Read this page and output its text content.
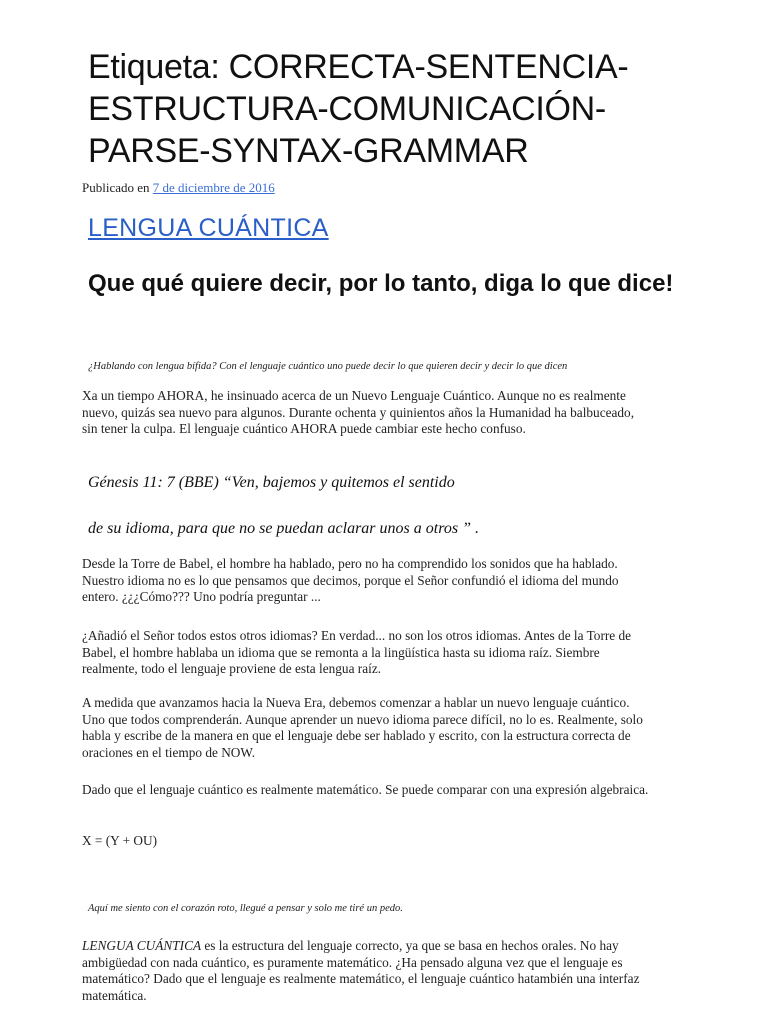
Etiqueta: CORRECTA-SENTENCIA-ESTRUCTURA-COMUNICACIÓN-PARSE-SYNTAX-GRAMMAR
Publicado en 7 de diciembre de 2016
LENGUA CUÁNTICA
Que qué quiere decir, por lo tanto, diga lo que dice!
¿Hablando con lengua bífida? Con el lenguaje cuántico uno puede decir lo que quieren decir y decir lo que dicen

Xa un tiempo AHORA, he insinuado acerca de un Nuevo Lenguaje Cuántico. Aunque no es realmente nuevo, quizás sea nuevo para algunos. Durante ochenta y quinientos años la Humanidad ha balbuceado, sin tener la culpa. El lenguaje cuántico AHORA puede cambiar este hecho confuso.

Génesis 11: 7 (BBE) “Ven, bajemos y quitemos el sentido

de su idioma, para que no se puedan aclarar unos a otros ” .

Desde la Torre de Babel, el hombre ha hablado, pero no ha comprendido los sonidos que ha hablado. Nuestro idioma no es lo que pensamos que decimos, porque el Señor confundió el idioma del mundo entero. ¿¿¿Cómo??? Uno podría preguntar ...

¿Añadió el Señor todos estos otros idiomas? En verdad... no son los otros idiomas. Antes de la Torre de Babel, el hombre hablaba un idioma que se remonta a la lingüística hasta su idioma raíz. Siembre realmente, todo el lenguaje proviene de esta lengua raíz.

A medida que avanzamos hacia la Nueva Era, debemos comenzar a hablar un nuevo lenguaje cuántico. Uno que todos comprenderán. Aunque aprender un nuevo idioma parece difícil, no lo es. Realmente, solo habla y escribe de la manera en que el lenguaje debe ser hablado y escrito, con la estructura correcta de oraciones en el tiempo de NOW.

Dado que el lenguaje cuántico es realmente matemático. Se puede comparar con una expresión algebraica.

X = (Y + OU)

Aquí me siento con el corazón roto, llegué a pensar y solo me tiré un pedo.

LENGUA CUÁNTICA es la estructura del lenguaje correcto, ya que se basa en hechos orales. No hay ambigüedad con nada cuántico, es puramente matemático. ¿Ha pensado alguna vez que el lenguaje es matemático? Dado que el lenguaje es realmente matemático, el lenguaje cuántico hatambién una interfaz matemática.
